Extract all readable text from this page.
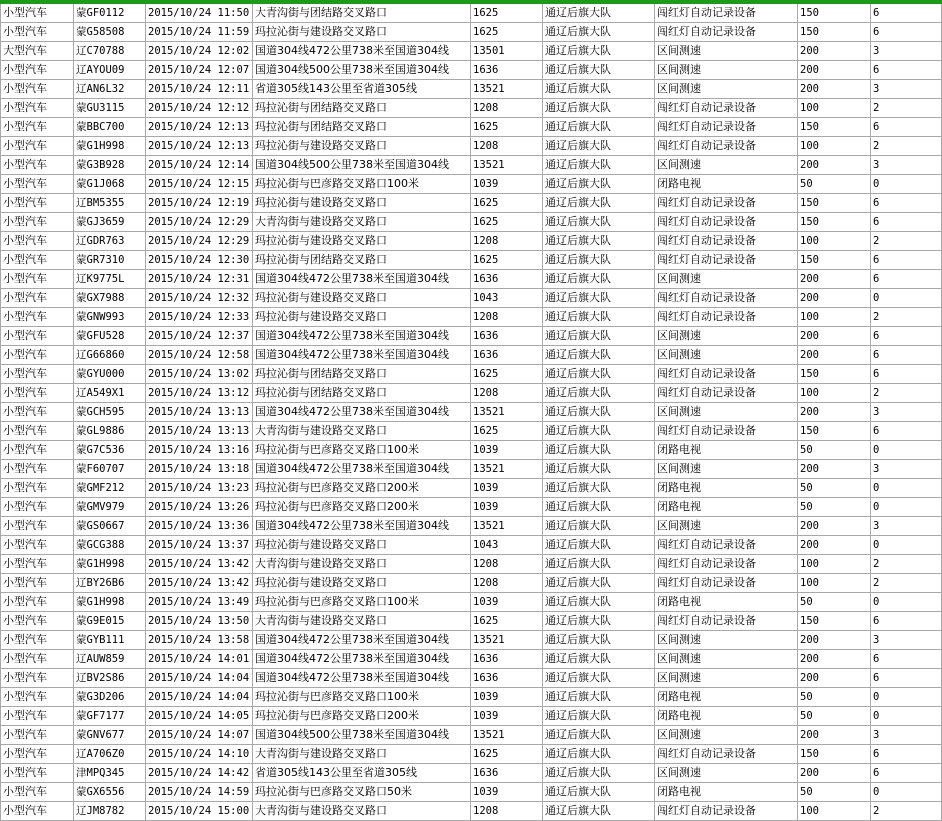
小型汽车	蒙GF0112	2015/10/24 11:50	大青沟街与团结路交叉路口	1625	通辽后旗大队	闯红灯自动记录设备	150	6
小型汽车	蒙G58508	2015/10/24 11:59	玛拉沁街与建设路交叉路口	1625	通辽后旗大队	闯红灯自动记录设备	150	6
大型汽车	辽C70788	2015/10/24 12:02	国道304线472公里738米至国道304线	13501	通辽后旗大队	区间测速	200	3
小型汽车	辽AYOU09	2015/10/24 12:07	国道304线500公里738米至国道304线	1636	通辽后旗大队	区间测速	200	6
小型汽车	辽AN6L32	2015/10/24 12:11	省道305线143公里至省道305线	13521	通辽后旗大队	区间测速	200	3
小型汽车	蒙GU3115	2015/10/24 12:12	玛拉沁街与团结路交叉路口	1208	通辽后旗大队	闯红灯自动记录设备	100	2
小型汽车	蒙BBC700	2015/10/24 12:13	玛拉沁街与团结路交叉路口	1625	通辽后旗大队	闯红灯自动记录设备	150	6
小型汽车	蒙G1H998	2015/10/24 12:13	玛拉沁街与建设路交叉路口	1208	通辽后旗大队	闯红灯自动记录设备	100	2
小型汽车	蒙G3B928	2015/10/24 12:14	国道304线500公里738米至国道304线	13521	通辽后旗大队	区间测速	200	3
小型汽车	蒙G1J068	2015/10/24 12:15	玛拉沁街与巴彦路交叉路口100米	1039	通辽后旗大队	闭路电视	50	0
小型汽车	辽BM5355	2015/10/24 12:19	玛拉沁街与建设路交叉路口	1625	通辽后旗大队	闯红灯自动记录设备	150	6
小型汽车	蒙GJ3659	2015/10/24 12:29	大青沟街与建设路交叉路口	1625	通辽后旗大队	闯红灯自动记录设备	150	6
小型汽车	辽GDR763	2015/10/24 12:29	玛拉沁街与建设路交叉路口	1208	通辽后旗大队	闯红灯自动记录设备	100	2
小型汽车	蒙GR7310	2015/10/24 12:30	玛拉沁街与团结路交叉路口	1625	通辽后旗大队	闯红灯自动记录设备	150	6
小型汽车	辽K9775L	2015/10/24 12:31	国道304线472公里738米至国道304线	1636	通辽后旗大队	区间测速	200	6
小型汽车	蒙GX7988	2015/10/24 12:32	玛拉沁街与建设路交叉路口	1043	通辽后旗大队	闯红灯自动记录设备	200	0
小型汽车	蒙GNW993	2015/10/24 12:33	玛拉沁街与建设路交叉路口	1208	通辽后旗大队	闯红灯自动记录设备	100	2
小型汽车	蒙GFU528	2015/10/24 12:37	国道304线472公里738米至国道304线	1636	通辽后旗大队	区间测速	200	6
小型汽车	辽G66860	2015/10/24 12:58	国道304线472公里738米至国道304线	1636	通辽后旗大队	区间测速	200	6
小型汽车	蒙GYU000	2015/10/24 13:02	玛拉沁街与团结路交叉路口	1625	通辽后旗大队	闯红灯自动记录设备	150	6
小型汽车	辽A549X1	2015/10/24 13:12	玛拉沁街与团结路交叉路口	1208	通辽后旗大队	闯红灯自动记录设备	100	2
小型汽车	蒙GCH595	2015/10/24 13:13	国道304线472公里738米至国道304线	13521	通辽后旗大队	区间测速	200	3
小型汽车	蒙GL9886	2015/10/24 13:13	大青沟街与建设路交叉路口	1625	通辽后旗大队	闯红灯自动记录设备	150	6
小型汽车	蒙G7C536	2015/10/24 13:16	玛拉沁街与巴彦路交叉路口100米	1039	通辽后旗大队	闭路电视	50	0
小型汽车	蒙F60707	2015/10/24 13:18	国道304线472公里738米至国道304线	13521	通辽后旗大队	区间测速	200	3
小型汽车	蒙GMF212	2015/10/24 13:23	玛拉沁街与巴彦路交叉路口200米	1039	通辽后旗大队	闭路电视	50	0
小型汽车	蒙GMV979	2015/10/24 13:26	玛拉沁街与巴彦路交叉路口200米	1039	通辽后旗大队	闭路电视	50	0
小型汽车	蒙GS0667	2015/10/24 13:36	国道304线472公里738米至国道304线	13521	通辽后旗大队	区间测速	200	3
小型汽车	蒙GCG388	2015/10/24 13:37	玛拉沁街与建设路交叉路口	1043	通辽后旗大队	闯红灯自动记录设备	200	0
小型汽车	蒙G1H998	2015/10/24 13:42	大青沟街与建设路交叉路口	1208	通辽后旗大队	闯红灯自动记录设备	100	2
小型汽车	辽BY26B6	2015/10/24 13:42	玛拉沁街与建设路交叉路口	1208	通辽后旗大队	闯红灯自动记录设备	100	2
小型汽车	蒙G1H998	2015/10/24 13:49	玛拉沁街与巴彦路交叉路口100米	1039	通辽后旗大队	闭路电视	50	0
小型汽车	蒙G9E015	2015/10/24 13:50	大青沟街与建设路交叉路口	1625	通辽后旗大队	闯红灯自动记录设备	150	6
小型汽车	蒙GYB111	2015/10/24 13:58	国道304线472公里738米至国道304线	13521	通辽后旗大队	区间测速	200	3
小型汽车	辽AUW859	2015/10/24 14:01	国道304线472公里738米至国道304线	1636	通辽后旗大队	区间测速	200	6
小型汽车	辽BV2S86	2015/10/24 14:04	国道304线472公里738米至国道304线	1636	通辽后旗大队	区间测速	200	6
小型汽车	蒙G3D206	2015/10/24 14:04	玛拉沁街与巴彦路交叉路口100米	1039	通辽后旗大队	闭路电视	50	0
小型汽车	蒙GF7177	2015/10/24 14:05	玛拉沁街与巴彦路交叉路口200米	1039	通辽后旗大队	闭路电视	50	0
小型汽车	蒙GNV677	2015/10/24 14:07	国道304线500公里738米至国道304线	13521	通辽后旗大队	区间测速	200	3
小型汽车	辽A706Z0	2015/10/24 14:10	大青沟街与建设路交叉路口	1625	通辽后旗大队	闯红灯自动记录设备	150	6
小型汽车	津MPQ345	2015/10/24 14:42	省道305线143公里至省道305线	1636	通辽后旗大队	区间测速	200	6
小型汽车	蒙GX6556	2015/10/24 14:59	玛拉沁街与巴彦路交叉路口50米	1039	通辽后旗大队	闭路电视	50	0
小型汽车	辽JM8782	2015/10/24 15:00	大青沟街与建设路交叉路口	1208	通辽后旗大队	闯红灯自动记录设备	100	2
